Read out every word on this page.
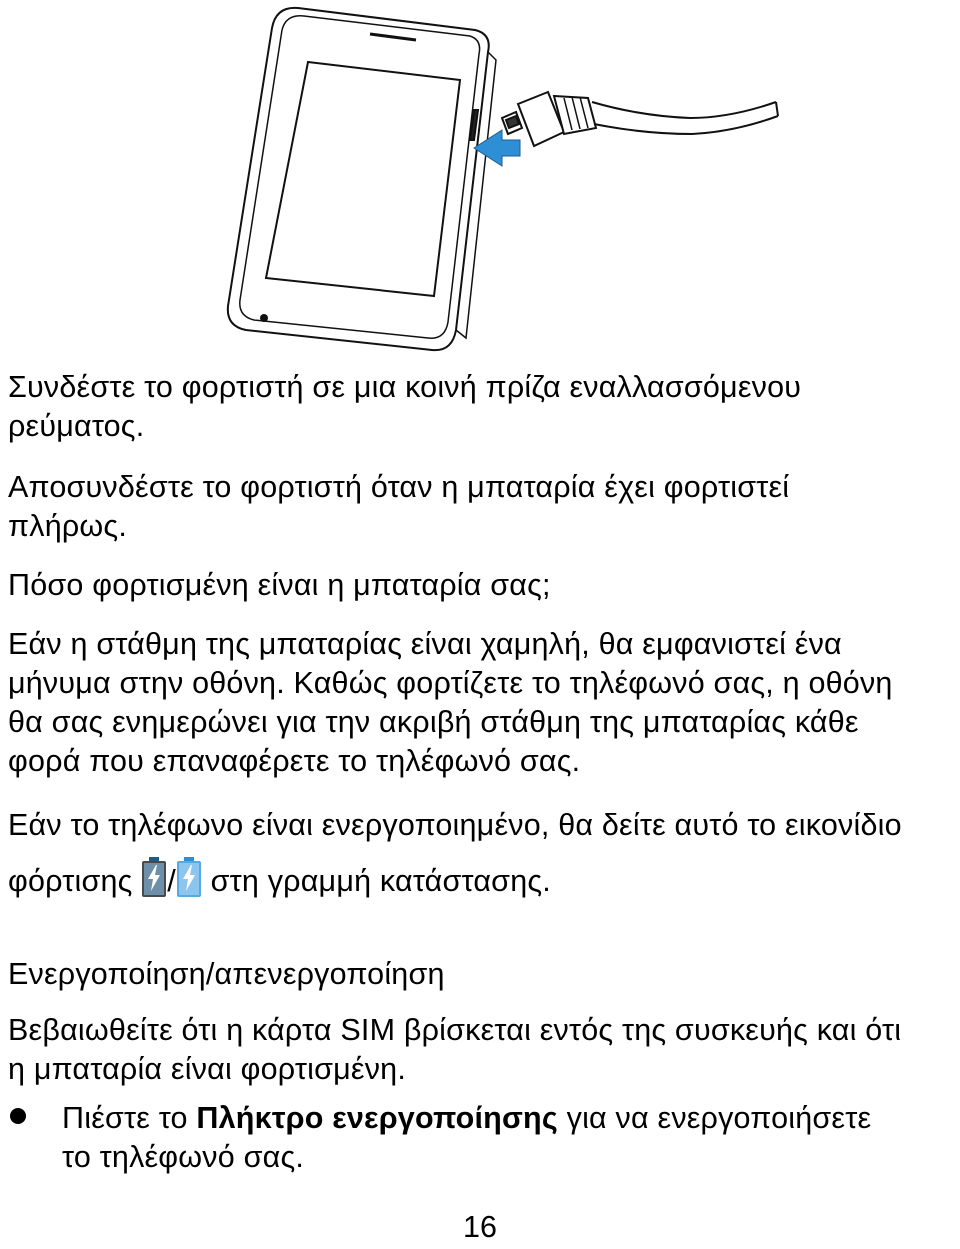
Συνδέστε το φορτιστή σε μια κοινή πρίζα εναλλασσόμενου
ρεύματος.

Αποσυνδέστε το φορτιστή όταν η μπαταρία έχει φορτιστεί
πλήρως.

Πόσο φορτισμένη είναι η μπαταρία σας;

Εάν η στάθμη της μπαταρίας είναι χαμηλή, θα εμφανιστεί ένα
μήνυμα στην οθόνη. Καθώς φορτίζετε το τηλέφωνό σας, η οθόνη
θα σας ενημερώνει για την ακριβή στάθμη της μπαταρίας κάθε
φορά που επαναφέρετε το τηλέφωνό σας.

Εάν το τηλέφωνο είναι ενεργοποιημένο, θα δείτε αυτό το εικονίδιο
φόρτισης / στη γραμμή κατάστασης.

Ενεργοποίηση/απενεργοποίηση

Βεβαιωθείτε ότι η κάρτα SIM βρίσκεται εντός της συσκευής και ότι
η μπαταρία είναι φορτισμένη.

Πιέστε το Πλήκτρο ενεργοποίησης για να ενεργοποιήσετε
το τηλέφωνό σας.

16
